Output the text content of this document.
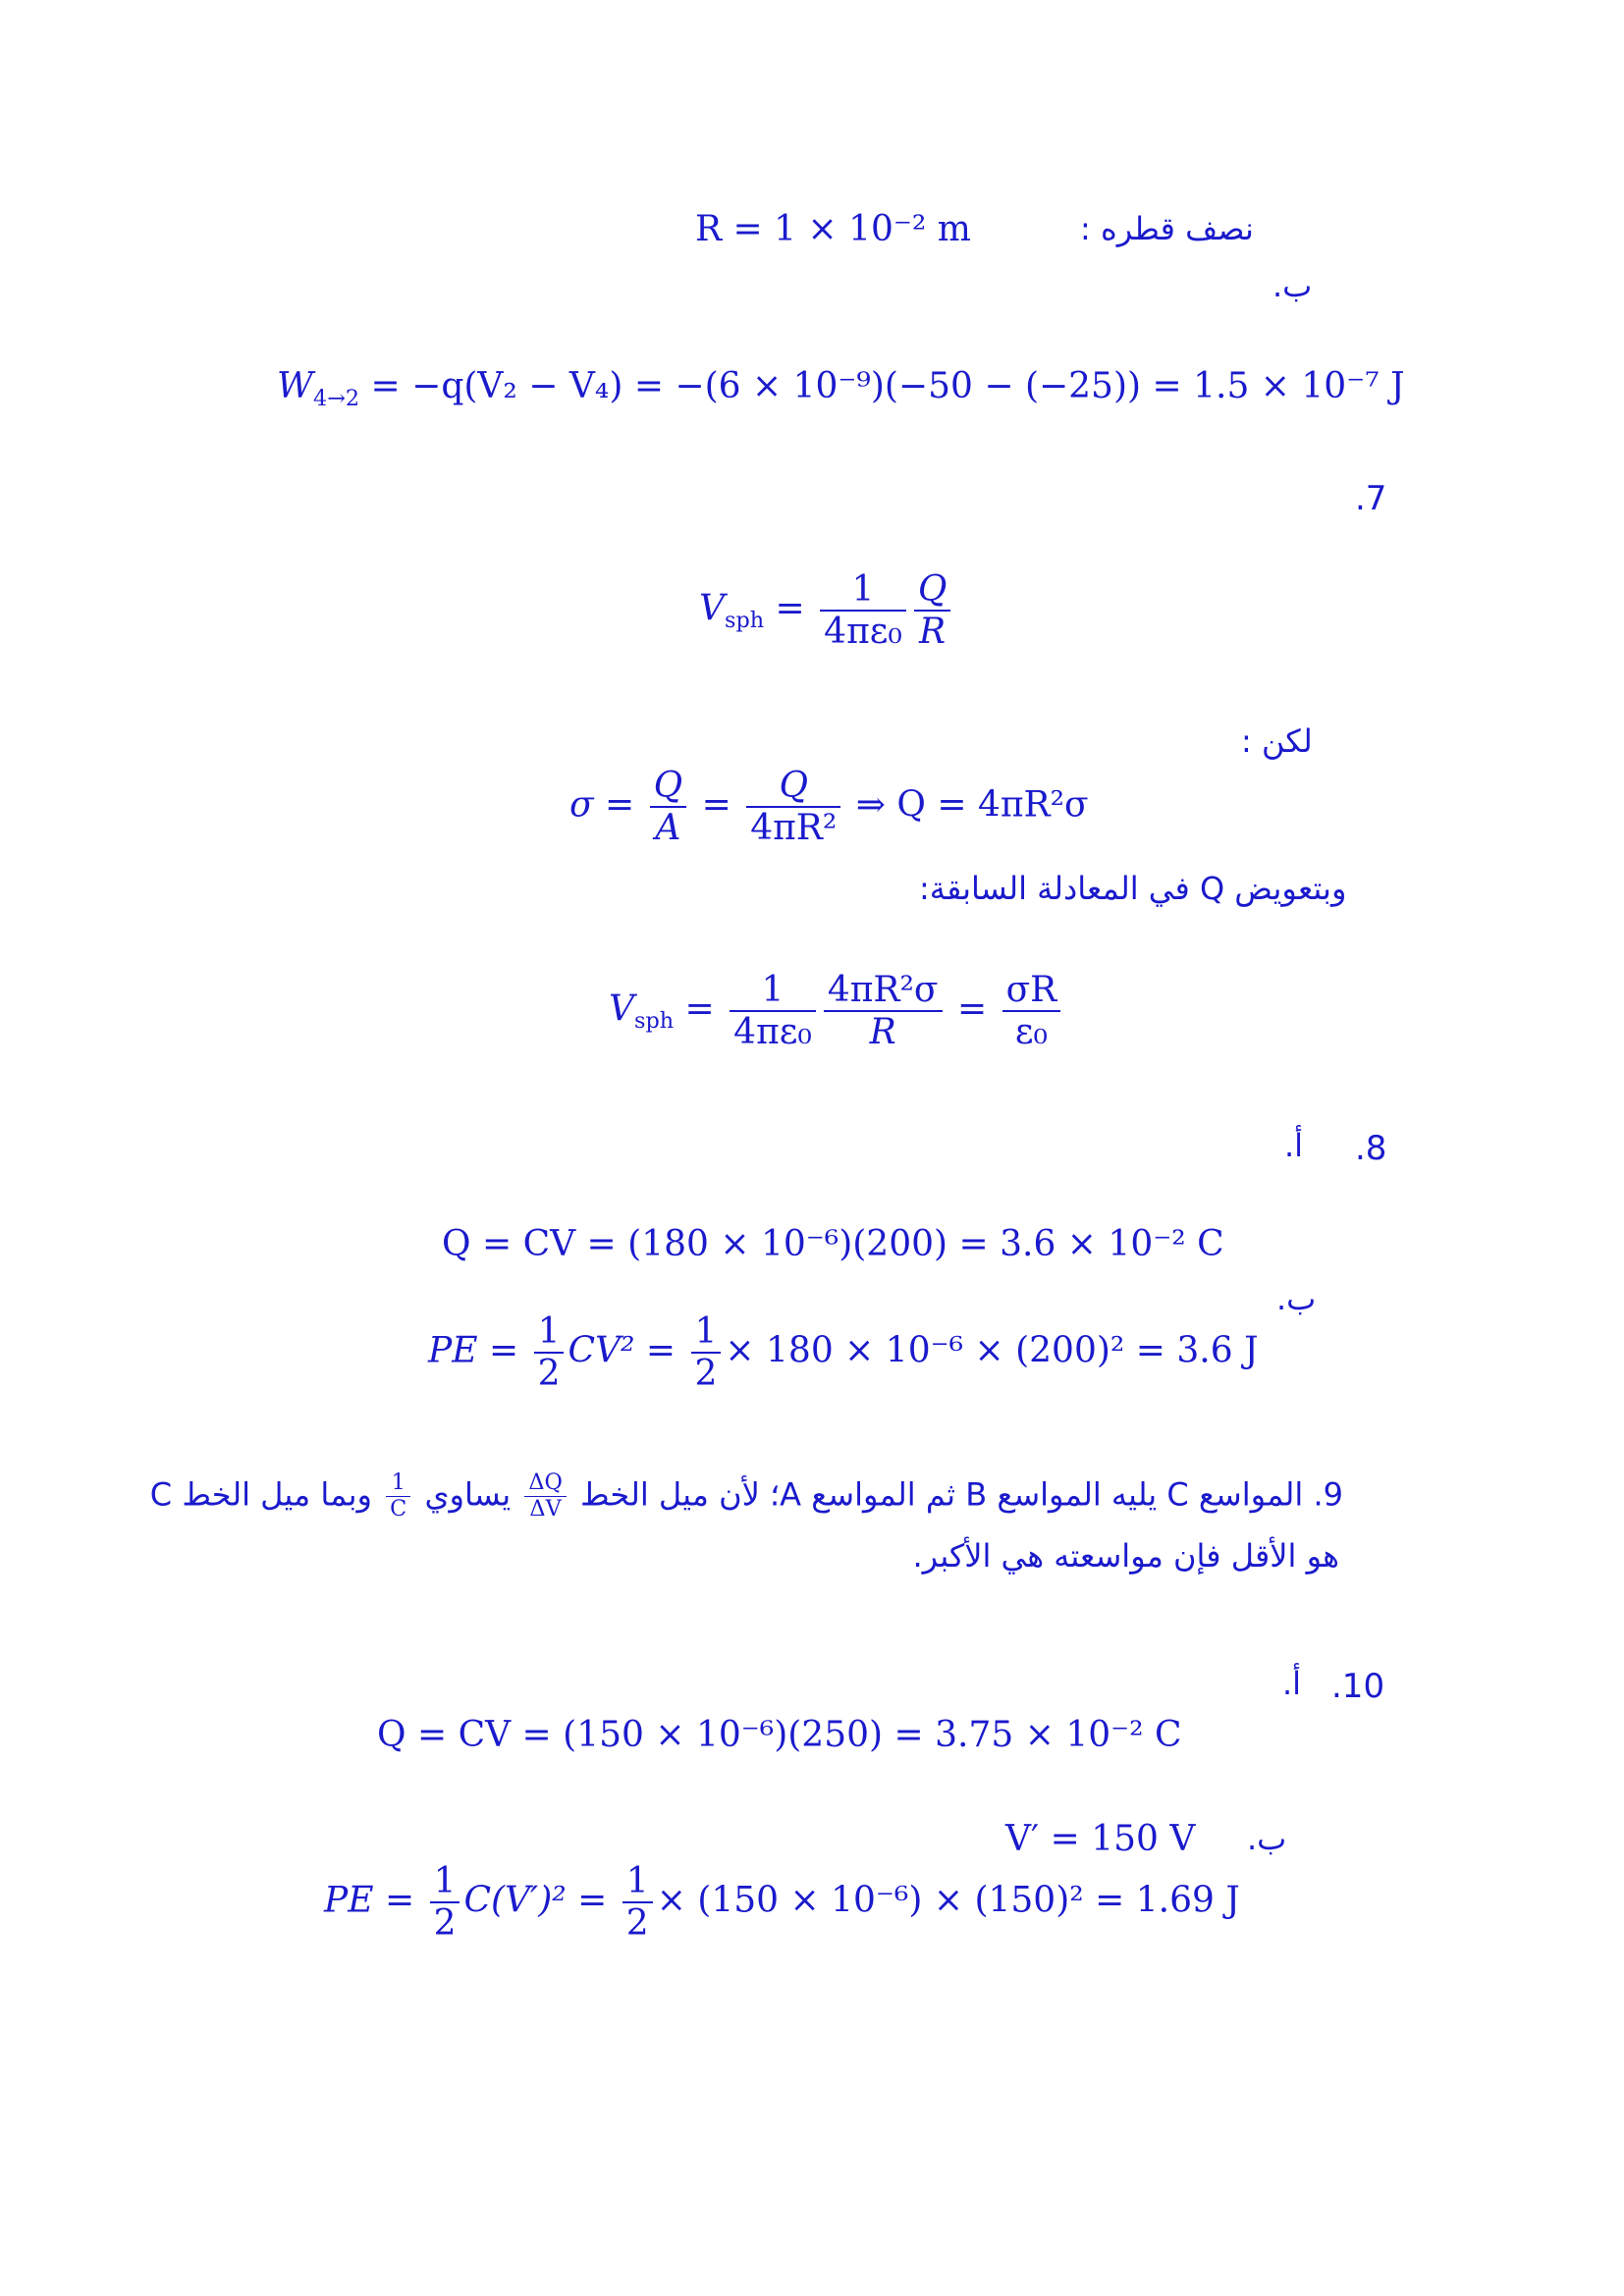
R = 1 × 10⁻² m	نصف قطره :
ب.
$W_{4\to 2} = -q(V_2 - V_4) = -(6 \times 10^{-9})(-50 - (-25)) = 1.5 \times 10^{-7}$ J
.7
$V_{sph} = \frac{1}{\text{4πε₀}} \frac{Q}{R}$
لكن :
$\sigma = \frac{Q}{A} = \frac{Q}{\text{4πR²}}$ ⇒ Q = 4πR²σ
وبتعويض Q في المعادلة السابقة:
$V_{sph} = \frac{1}{\text{4πε₀}} \frac{\text{4πR²σ}}{R} = \frac{\sigma R}{\text{ε₀}}$
.8
أ.
Q = CV = (180 × 10⁻⁶)(200) = 3.6 × 10⁻² C
ب.
PE = $\frac{1}{2} CV^2 = \frac{1}{2} \times 180 \times 10^{-6} \times (200)^2 = 3.6$ J
9. المواسع C يليه المواسع B ثم المواسع A؛ لأن ميل الخط
$\frac{\Delta Q}{\Delta V}$
يساوي
$\frac{1}{C}$
وبما ميل الخط C
هو الأقل فإن مواسعته هي الأكبر.
.10
أ.
Q = CV = (150 × 10⁻⁶)(250) = 3.75 × 10⁻² C
V′ = 150 V ب.
PE = $\frac{1}{2} C(V')^2 = \frac{1}{2} \times (150 \times 10^{-6}) \times (150)^2 = 1.69$ J
